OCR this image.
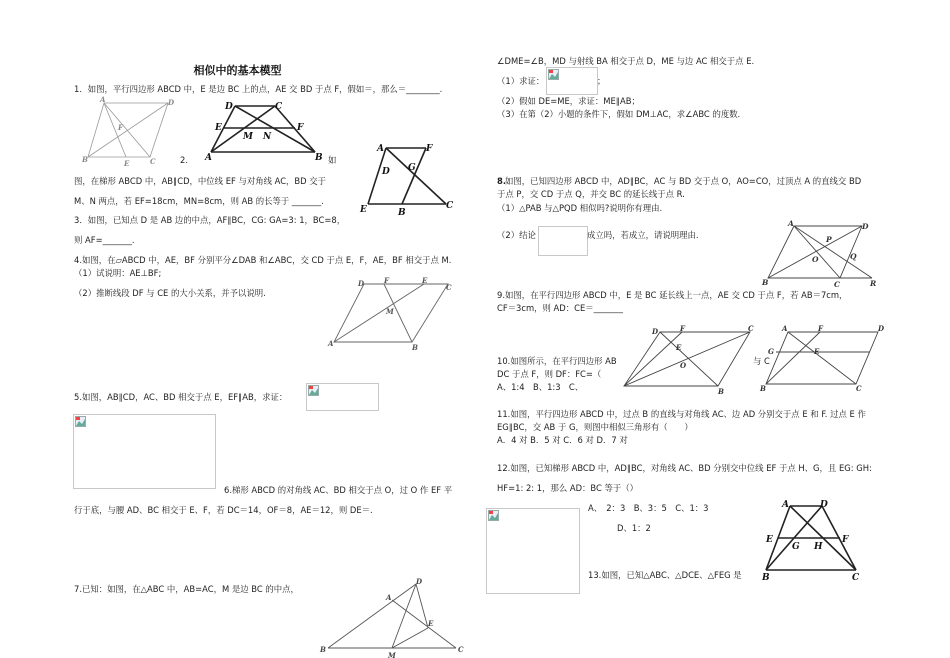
相似中的基本模型

1．如图，平行四边形 ABCD 中，E 是边 BC 上的点，AE 交 BD 于点 F，假如＝，那么＝________.

A	D
B	C
E
F
D	C
E	F
M N
A	B

2.	如

A	F
D G
E	B
C

图，在梯形 ABCD 中，AB∥CD，中位线 EF 与对角线 AC，BD 交于

M、N 两点，若 EF=18cm，MN=8cm，则 AB 的长等于 _______.

3．如图，已知点 D 是 AB 边的中点，AF∥BC，CG: GA=3: 1，BC=8，

则 AF=_______.

4.如图，在▱ABCD 中，AE，BF 分别平分∠DAB 和∠ABC，交 CD 于点 E，F，AE，BF 相交于点 M.

（1）试说明：AE⊥BF;

（2）推断线段 DF 与 CE 的大小关系，并予以说明.

D	F	E
C
M
A	B

5.如图，AB∥CD，AC、BD 相交于点 E，EF∥AB，求证：

6.梯形 ABCD 的对角线 AC、BD 相交于点 O，过 O 作 EF 平

行于底，与腰 AD、BC 相交于 E、F，若 DC＝14，OF＝8，AE＝12，则 DE＝.

7.已知：如图，在△ABC 中，AB=AC，M 是边 BC 的中点，

D
A
E
B
M
C

∠DME=∠B，MD 与射线 BA 相交于点 D，ME 与边 AC 相交于点 E.

（1）求证：	；

（2）假如 DE=ME，求证：ME∥AB；

（3）在第（2）小题的条件下，假如 DM⊥AC，求∠ABC 的度数.

8.

如图，已知四边形 ABCD 中，AD∥BC，AC 与 BD 交于点 O，AO=CO，过顶点 A 的直线交 BD

于点 P，交 CD 于点 Q，并交 BC 的延长线于点 R.

（1）△PAB 与△PQD 相似吗?说明你有理由.

（2）结论	成立吗，若成立，请说明理由.

A	D
P
O	Q
B	C	R

9.如图，在平行四边形 ABCD 中，E 是 BC 延长线上一点，AE 交 CD 于点 F，若 AB＝7cm，

CF＝3cm，则 AD：CE＝_______

10.如图所示，在平行四边形 AB	与 C

DC 于点 F，则 DF：FC=（

A、1:4　B、1:3　C、

D	F
E
O
C
B
A	F	D
G	E
B	C

11.如图，平行四边形 ABCD 中，过点 B 的直线与对角线 AC、边 AD 分别交于点 E 和 F. 过点 E 作

EG∥BC，交 AB 于 G，则图中相似三角形有（　　）

A．4 对 B．5 对 C．6 对 D．7 对

12.如图，已知梯形 ABCD 中，AD∥BC，对角线 AC、BD 分别交中位线 EF 于点 H、G，且 EG: GH:

HF=1: 2: 1，那么 AD：BC 等于（）

A、　2：3　B、3：5　C、1：3

D、1：2

13.如图，已知△ABC、△DCE、△FEG 是

A	D
E	F
G H
B	C
